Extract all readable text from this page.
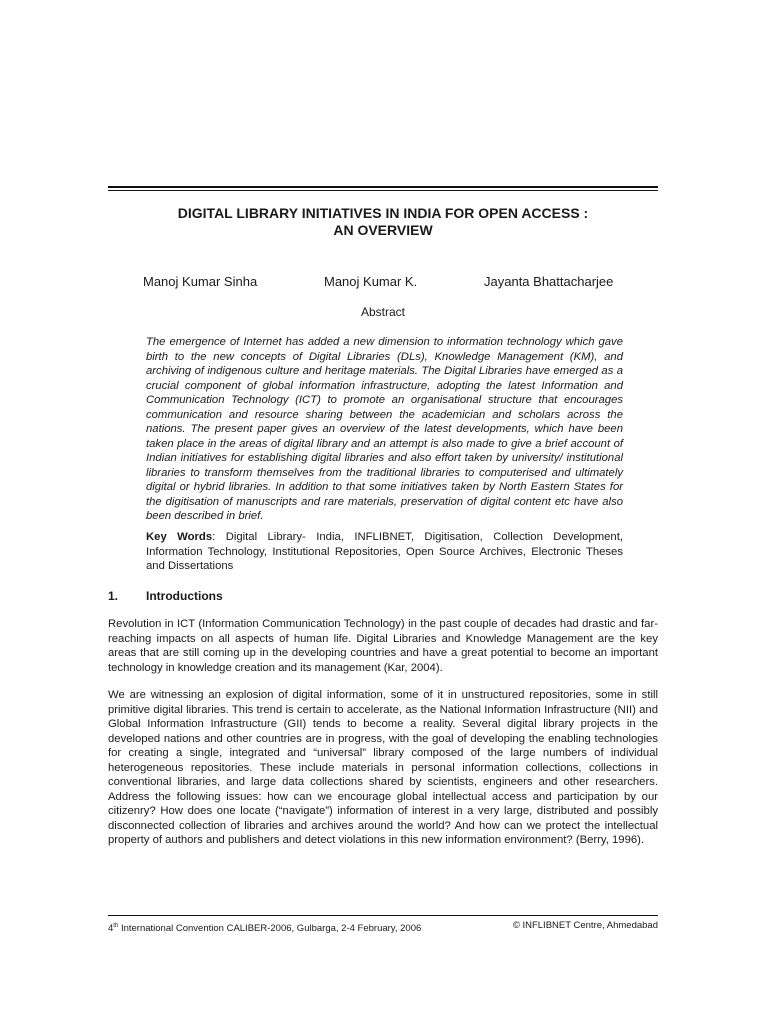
DIGITAL LIBRARY INITIATIVES IN INDIA FOR OPEN ACCESS :
AN OVERVIEW
Manoj Kumar Sinha	Manoj Kumar K.	Jayanta Bhattacharjee
Abstract

The emergence of Internet has added a new dimension to information technology which gave birth to the new concepts of Digital Libraries (DLs), Knowledge Management (KM), and archiving of indigenous culture and heritage materials. The Digital Libraries have emerged as a crucial component of global information infrastructure, adopting the latest Information and Communication Technology (ICT) to promote an organisational structure that encourages communication and resource sharing between the academician and scholars across the nations. The present paper gives an overview of the latest developments, which have been taken place in the areas of digital library and an attempt is also made to give a brief account of Indian initiatives for establishing digital libraries and also effort taken by university/ institutional libraries to transform themselves from the traditional libraries to computerised and ultimately digital or hybrid libraries. In addition to that some initiatives taken by North Eastern States for the digitisation of manuscripts and rare materials, preservation of digital content etc have also been described in brief.

Key Words: Digital Library- India, INFLIBNET, Digitisation, Collection Development, Information Technology, Institutional Repositories, Open Source Archives, Electronic Theses and Dissertations

1. Introductions

Revolution in ICT (Information Communication Technology) in the past couple of decades had drastic and far-reaching impacts on all aspects of human life. Digital Libraries and Knowledge Management are the key areas that are still coming up in the developing countries and have a great potential to become an important technology in knowledge creation and its management (Kar, 2004).

We are witnessing an explosion of digital information, some of it in unstructured repositories, some in still primitive digital libraries. This trend is certain to accelerate, as the National Information Infrastructure (NII) and Global Information Infrastructure (GII) tends to become a reality. Several digital library projects in the developed nations and other countries are in progress, with the goal of developing the enabling technologies for creating a single, integrated and “universal” library composed of the large numbers of individual heterogeneous repositories. These include materials in personal information collections, collections in conventional libraries, and large data collections shared by scientists, engineers and other researchers. Address the following issues: how can we encourage global intellectual access and participation by our citizenry? How does one locate (“navigate”) information of interest in a very large, distributed and possibly disconnected collection of libraries and archives around the world? And how can we protect the intellectual property of authors and publishers and detect violations in this new information environment? (Berry, 1996).

4th International Convention CALIBER-2006, Gulbarga, 2-4 February, 2006	© INFLIBNET Centre, Ahmedabad
